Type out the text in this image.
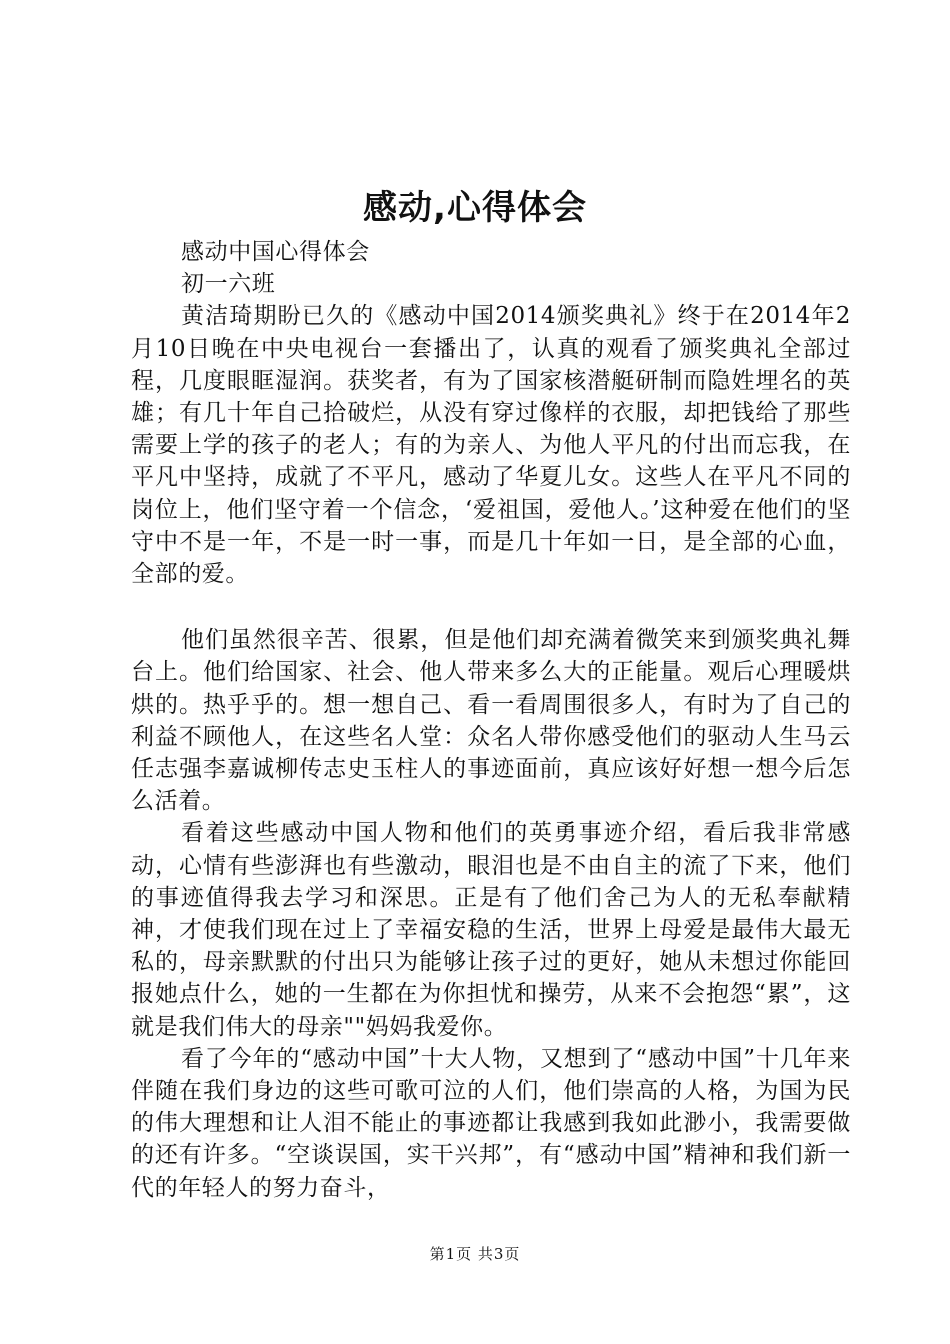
感动,心得体会

感动中国心得体会

初一六班

黄洁琦期盼已久的《感动中国2014颁奖典礼》终于在2014年2月10日晚在中央电视台一套播出了，认真的观看了颁奖典礼全部过程，几度眼眶湿润。获奖者，有为了国家核潜艇研制而隐姓埋名的英雄；有几十年自己拾破烂，从没有穿过像样的衣服，却把钱给了那些需要上学的孩子的老人；有的为亲人、为他人平凡的付出而忘我，在平凡中坚持，成就了不平凡，感动了华夏儿女。这些人在平凡不同的岗位上，他们坚守着一个信念，‘爱祖国，爱他人。’这种爱在他们的坚守中不是一年，不是一时一事，而是几十年如一日，是全部的心血，全部的爱。

他们虽然很辛苦、很累，但是他们却充满着微笑来到颁奖典礼舞台上。他们给国家、社会、他人带来多么大的正能量。观后心理暖烘烘的。热乎乎的。想一想自己、看一看周围很多人，有时为了自己的利益不顾他人，在这些名人堂：众名人带你感受他们的驱动人生马云任志强李嘉诚柳传志史玉柱人的事迹面前，真应该好好想一想今后怎么活着。

看着这些感动中国人物和他们的英勇事迹介绍，看后我非常感动，心情有些澎湃也有些激动，眼泪也是不由自主的流了下来，他们的事迹值得我去学习和深思。正是有了他们舍己为人的无私奉献精神，才使我们现在过上了幸福安稳的生活，世界上母爱是最伟大最无私的，母亲默默的付出只为能够让孩子过的更好，她从未想过你能回报她点什么，她的一生都在为你担忧和操劳，从来不会抱怨“累”，这就是我们伟大的母亲""妈妈我爱你。

看了今年的“感动中国”十大人物，又想到了“感动中国”十几年来伴随在我们身边的这些可歌可泣的人们，他们崇高的人格，为国为民的伟大理想和让人泪不能止的事迹都让我感到我如此渺小，我需要做的还有许多。“空谈误国，实干兴邦”，有“感动中国”精神和我们新一代的年轻人的努力奋斗，

第1页 共3页
